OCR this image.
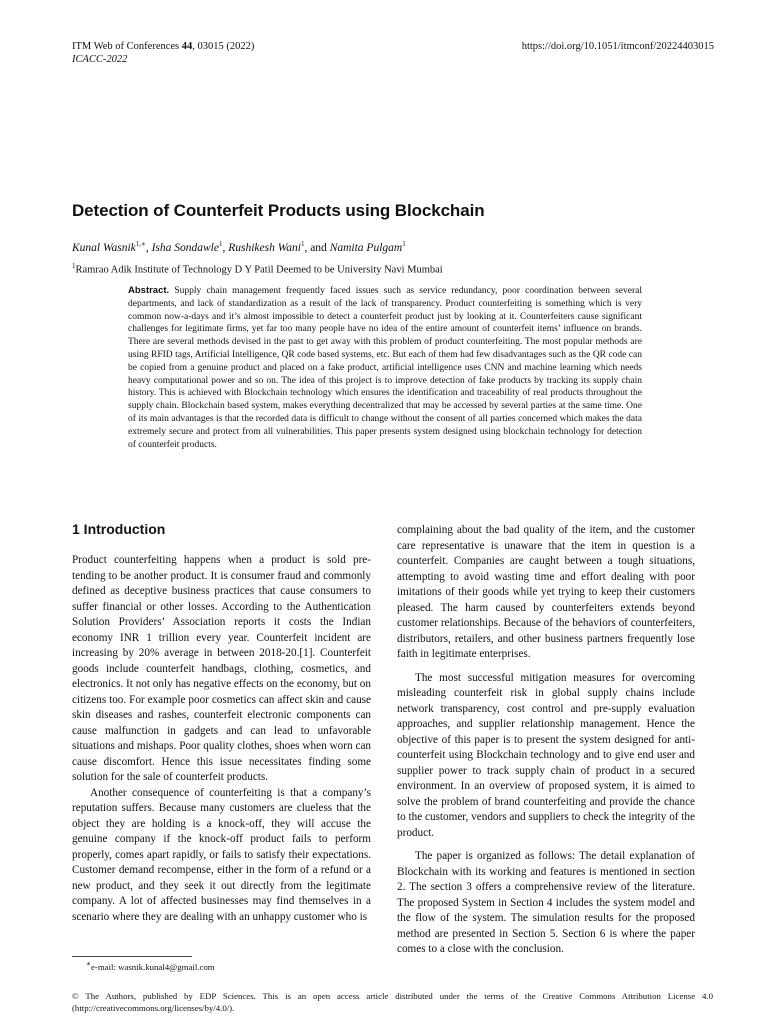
ITM Web of Conferences 44, 03015 (2022)
ICACC-2022
https://doi.org/10.1051/itmconf/20224403015
Detection of Counterfeit Products using Blockchain
Kunal Wasnik$^{1,∗}$, Isha Sondawle$^1$, Rushikesh Wani$^1$, and Namita Pulgam$^1$
$^1$Ramrao Adik Institute of Technology D Y Patil Deemed to be University Navi Mumbai

Abstract. Supply chain management frequently faced issues such as service redundancy, poor coordination between several departments, and lack of standardization as a result of the lack of transparency. Product counterfeiting is something which is very common now-a-days and it’s almost impossible to detect a counterfeit product just by looking at it. Counterfeiters cause significant challenges for legitimate firms, yet far too many people have no idea of the entire amount of counterfeit items’ influence on brands. There are several methods devised in the past to get away with this problem of product counterfeiting. The most popular methods are using RFID tags, Artificial Intelligence, QR code based systems, etc. But each of them had few disadvantages such as the QR code can be copied from a genuine product and placed on a fake product, artificial intelligence uses CNN and machine learning which needs heavy computational power and so on. The idea of this project is to improve detection of fake products by tracking its supply chain history. This is achieved with Blockchain technology which ensures the identification and traceability of real products throughout the supply chain. Blockchain based system, makes everything decentralized that may be accessed by several parties at the same time. One of its main advantages is that the recorded data is difficult to change without the consent of all parties concerned which makes the data extremely secure and protect from all vulnerabilities. This paper presents system designed using blockchain technology for detection of counterfeit products.

1 Introduction

Product counterfeiting happens when a product is sold pre- tending to be another product. It is consumer fraud and commonly defined as deceptive business practices that cause consumers to suffer financial or other losses. According to the Authentication Solution Providers’ Association reports it costs the Indian economy INR 1 trillion every year. Counterfeit incident are increasing by 20% average in between 2018-20.[1]. Counterfeit goods include counterfeit handbags, clothing, cosmetics, and electronics. It not only has negative effects on the economy, but on citizens too. For example poor cosmetics can affect skin and cause skin diseases and rashes, counterfeit electronic components can cause malfunction in gadgets and can lead to unfavorable situations and mishaps. Poor quality clothes, shoes when worn can cause discomfort. Hence this issue necessitates finding some solution for the sale of counterfeit products.

Another consequence of counterfeiting is that a company’s reputation suffers. Because many customers are clueless that the object they are holding is a knock-off, they will accuse the genuine company if the knock-off product fails to perform properly, comes apart rapidly, or fails to satisfy their expectations. Customer demand recompense, either in the form of a refund or a new product, and they seek it out directly from the legitimate company. A lot of affected businesses may find themselves in a scenario where they are dealing with an unhappy customer who is

complaining about the bad quality of the item, and the customer care representative is unaware that the item in question is a counterfeit. Companies are caught between a tough situations, attempting to avoid wasting time and effort dealing with poor imitations of their goods while yet trying to keep their customers pleased. The harm caused by counterfeiters extends beyond customer relationships. Because of the behaviors of counterfeiters, distributors, retailers, and other business partners frequently lose faith in legitimate enterprises.

The most successful mitigation measures for overcoming misleading counterfeit risk in global supply chains include network transparency, cost control and pre-supply evaluation approaches, and supplier relationship management. Hence the objective of this paper is to present the system designed for anti-counterfeit using Blockchain technology and to give end user and supplier power to track supply chain of product in a secured environment. In an overview of proposed system, it is aimed to solve the problem of brand counterfeiting and provide the chance to the customer, vendors and suppliers to check the integrity of the product.

The paper is organized as follows: The detail explanation of Blockchain with its working and features is mentioned in section 2. The section 3 offers a comprehensive review of the literature. The proposed System in Section 4 includes the system model and the flow of the system. The simulation results for the proposed method are presented in Section 5. Section 6 is where the paper comes to a close with the conclusion.

∗e-mail: wasnik.kunal4@gmail.com

© The Authors, published by EDP Sciences. This is an open access article distributed under the terms of the Creative Commons Attribution License 4.0 (http://creativecommons.org/licenses/by/4.0/).
